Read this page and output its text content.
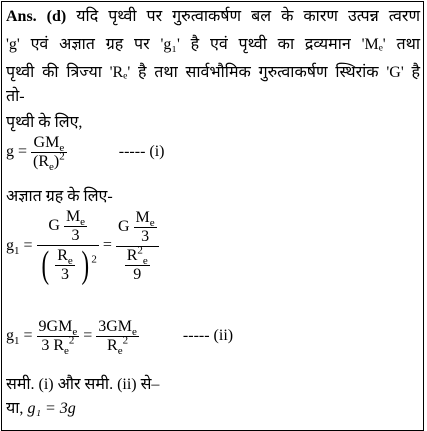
Ans. (d) यदि पृथ्वी पर गुरुत्वाकर्षण बल के कारण उत्पन्न त्वरण
'g' एवं अज्ञात ग्रह पर 'g₁' है एवं पृथ्वी का द्रव्यमान 'Mₑ' तथा
पृथ्वी की त्रिज्या 'Rₑ' है तथा सार्वभौमिक गुरुत्वाकर्षण स्थिरांक 'G' है
तो-
पृथ्वी के लिए,
$g = \frac{GM_e}{(R_e)^2}$	----- (i)
अज्ञात ग्रह के लिए-
$g_1 = \frac{G \frac{M_e}{3}}{( \frac{R_e}{3} ) ^2} = \frac{G \frac{M_e}{3}}{\frac{R^2_e}{9}}$
$g_1 = \frac{9GM_e}{3 R_e^2} = \frac{3GM_e}{R_e^2}$	----- (ii)
समी. (i) और समी. (ii) से–
या, g₁ = 3g
